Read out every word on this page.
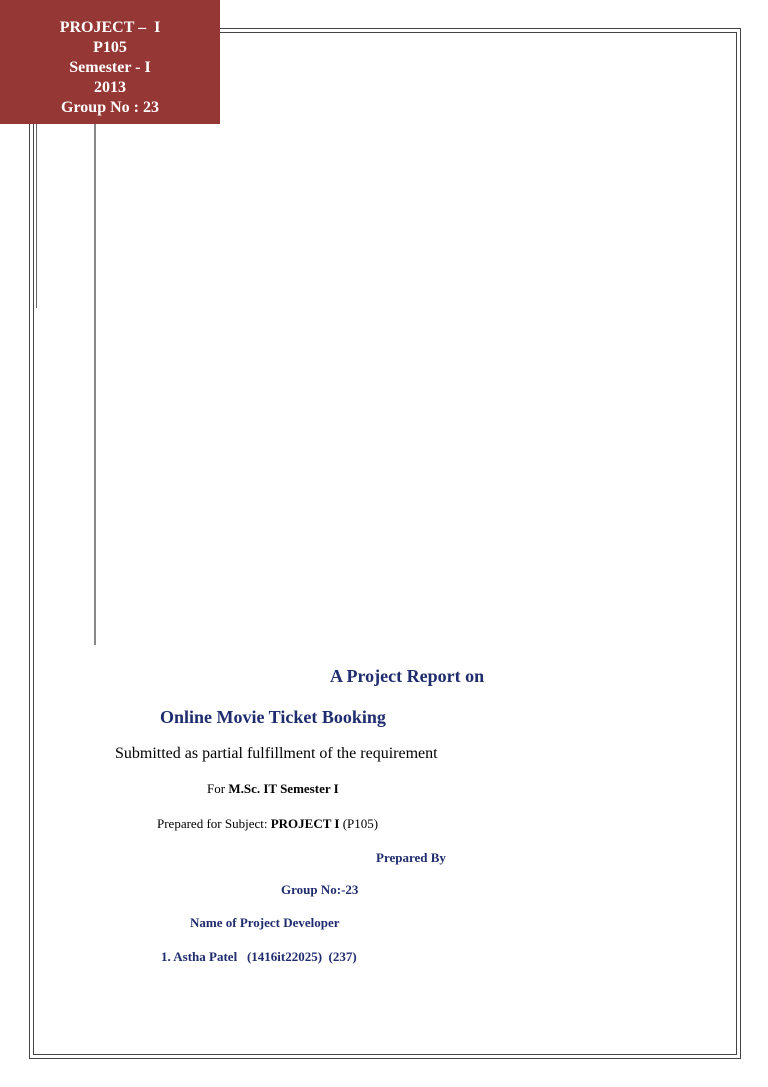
PROJECT –  I
P105
Semester - I
2013
Group No : 23
A Project Report on
Online Movie Ticket Booking
Submitted as partial fulfillment of the requirement
For M.Sc. IT Semester I
Prepared for Subject: PROJECT I (P105)
Prepared By
Group No:-23
Name of Project Developer
1. Astha Patel   (1416it22025)  (237)
